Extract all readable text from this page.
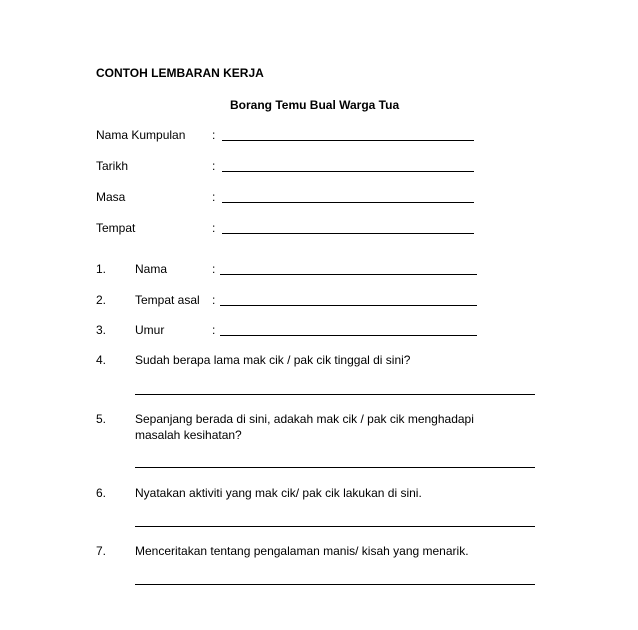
CONTOH LEMBARAN KERJA
Borang Temu Bual Warga Tua
Nama Kumpulan :
Tarikh	:
Masa	:
Tempat	:
1. Nama	:
2. Tempat asal :
3. Umur	:
4. Sudah berapa lama mak cik / pak cik tinggal di sini?
5. Sepanjang berada di sini, adakah mak cik / pak cik menghadapi
masalah kesihatan?
6. Nyatakan aktiviti yang mak cik/ pak cik lakukan di sini.
7. Menceritakan tentang pengalaman manis/ kisah yang menarik.
